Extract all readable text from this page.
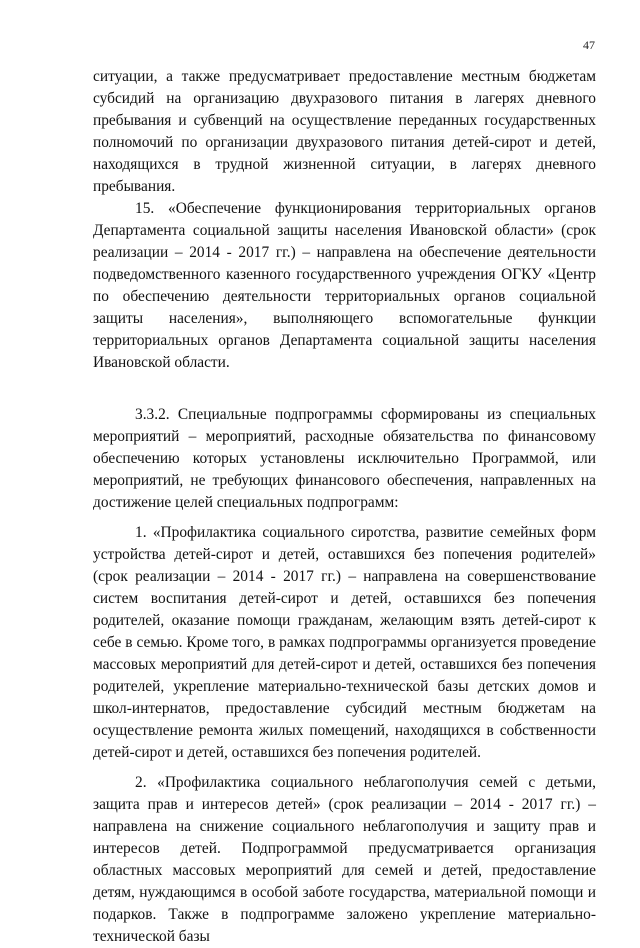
47

ситуации, а также предусматривает предоставление местным бюджетам субсидий на организацию двухразового питания в лагерях дневного пребывания и субвенций на осуществление переданных государственных полномочий по организации двухразового питания детей-сирот и детей, находящихся в трудной жизненной ситуации, в лагерях дневного пребывания.

15. «Обеспечение функционирования территориальных органов Департамента социальной защиты населения Ивановской области» (срок реализации – 2014 - 2017 гг.) – направлена на обеспечение деятельности подведомственного казенного государственного учреждения ОГКУ «Центр по обеспечению деятельности территориальных органов социальной защиты населения», выполняющего вспомогательные функции территориальных органов Департамента социальной защиты населения Ивановской области.

3.3.2. Специальные подпрограммы сформированы из специальных мероприятий – мероприятий, расходные обязательства по финансовому обеспечению которых установлены исключительно Программой, или мероприятий, не требующих финансового обеспечения, направленных на достижение целей специальных подпрограмм:

1. «Профилактика социального сиротства, развитие семейных форм устройства детей-сирот и детей, оставшихся без попечения родителей» (срок реализации – 2014 - 2017 гг.) – направлена на совершенствование систем воспитания детей-сирот и детей, оставшихся без попечения родителей, оказание помощи гражданам, желающим взять детей-сирот к себе в семью. Кроме того, в рамках подпрограммы организуется проведение массовых мероприятий для детей-сирот и детей, оставшихся без попечения родителей, укрепление материально-технической базы детских домов и школ-интернатов, предоставление субсидий местным бюджетам на осуществление ремонта жилых помещений, находящихся в собственности детей-сирот и детей, оставшихся без попечения родителей.

2. «Профилактика социального неблагополучия семей с детьми, защита прав и интересов детей» (срок реализации – 2014 - 2017 гг.) – направлена на снижение социального неблагополучия и защиту прав и интересов детей. Подпрограммой предусматривается организация областных массовых мероприятий для семей и детей, предоставление детям, нуждающимся в особой заботе государства, материальной помощи и подарков. Также в подпрограмме заложено укрепление материально-технической базы
